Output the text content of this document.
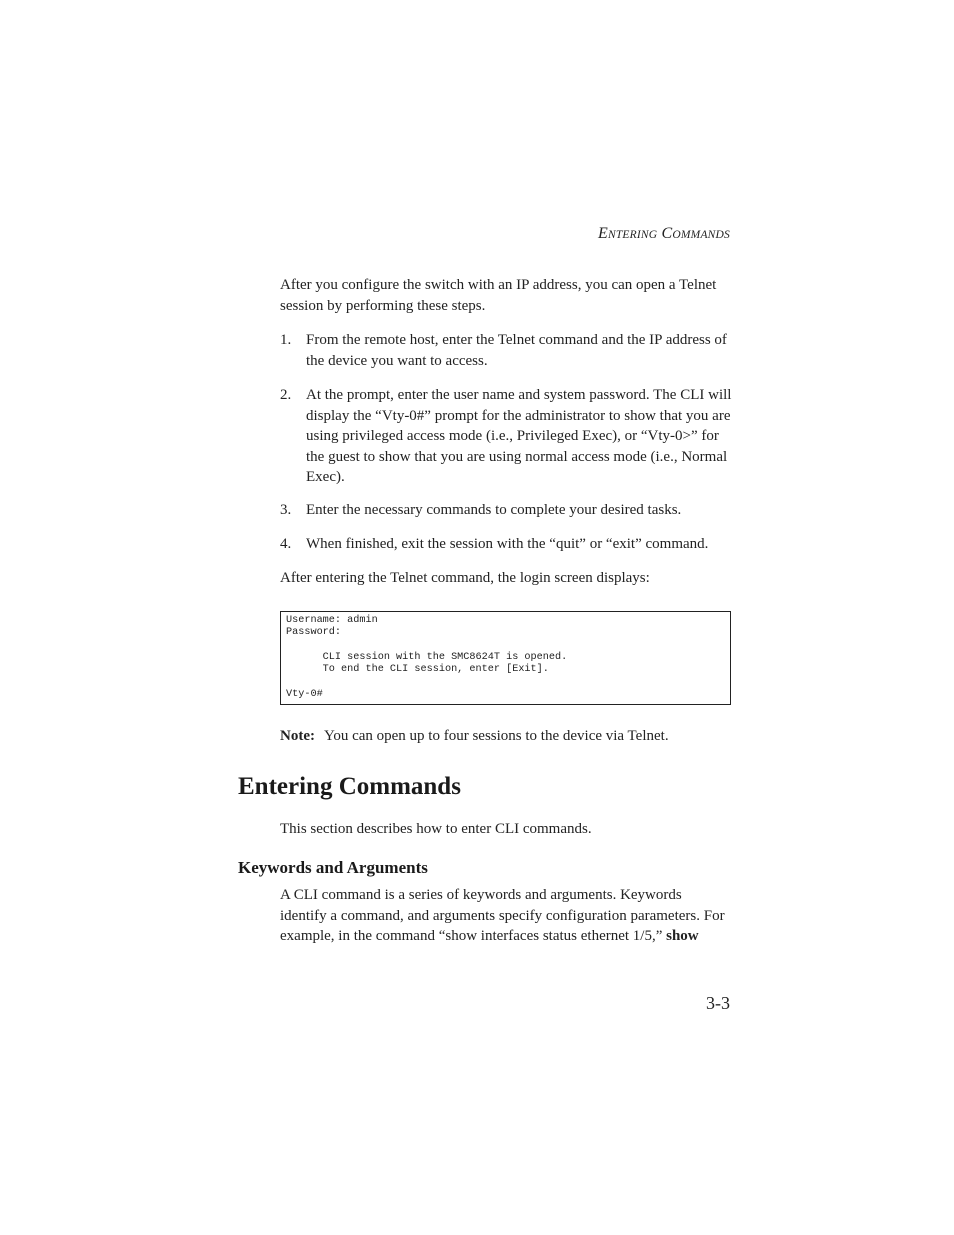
ENTERING COMMANDS

After you configure the switch with an IP address, you can open a Telnet session by performing these steps.

1. From the remote host, enter the Telnet command and the IP address of the device you want to access.
2. At the prompt, enter the user name and system password. The CLI will display the “Vty-0#” prompt for the administrator to show that you are using privileged access mode (i.e., Privileged Exec), or “Vty-0>” for the guest to show that you are using normal access mode (i.e., Normal Exec).
3. Enter the necessary commands to complete your desired tasks.
4. When finished, exit the session with the “quit” or “exit” command.

After entering the Telnet command, the login screen displays:

Username: admin
Password:
CLI session with the SMC8624T is opened.
To end the CLI session, enter [Exit].
Vty-0#
Note: You can open up to four sessions to the device via Telnet.
Entering Commands

This section describes how to enter CLI commands.

Keywords and Arguments

A CLI command is a series of keywords and arguments. Keywords identify a command, and arguments specify configuration parameters. For example, in the command “show interfaces status ethernet 1/5,” show

3-3
